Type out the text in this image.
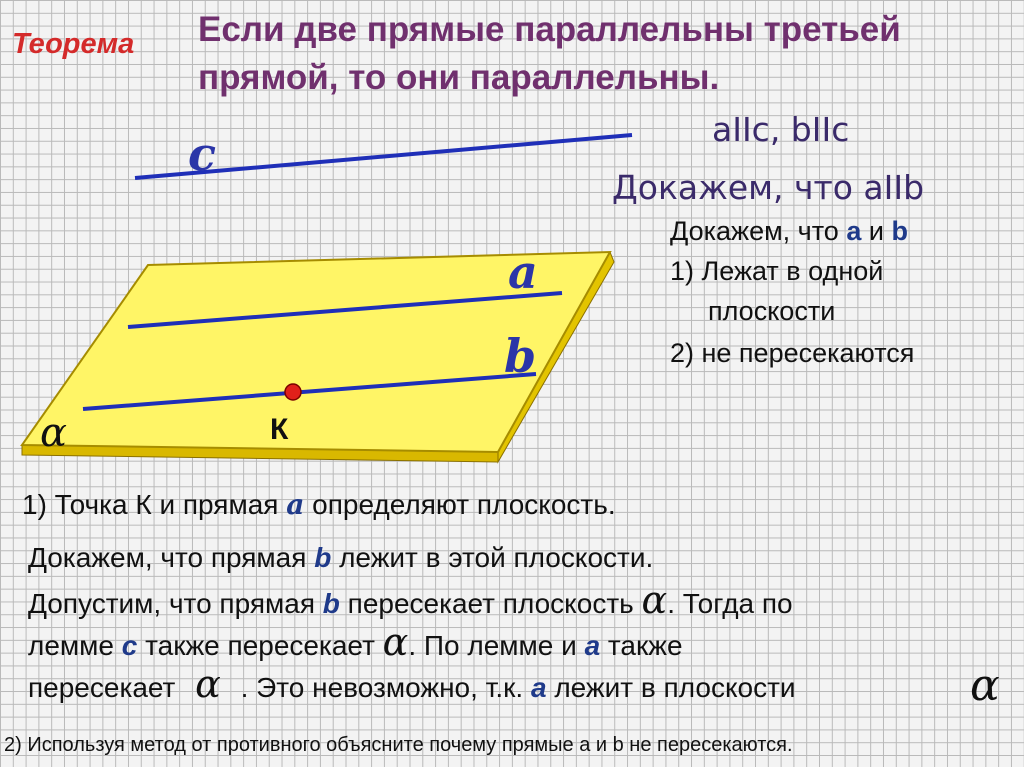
Теорема Если две прямые параллельны третьей
прямой, то они параллельны.
c
a
b
К
α
aIIc, bIIc
Докажем, что aIIb
Докажем, что a и b
1) Лежат в одной
плоскости
2) не пересекаются
1) Точка К и прямая a определяют плоскость.
Докажем, что прямая b лежит в этой плоскости.
Допустим, что прямая b пересекает плоскость α. Тогда по
лемме c также пересекает α. По лемме и a также
пересекает α . Это невозможно, т.к. a лежит в плоскости	α
2) Используя метод от противного объясните почему прямые a и b не пересекаются.
